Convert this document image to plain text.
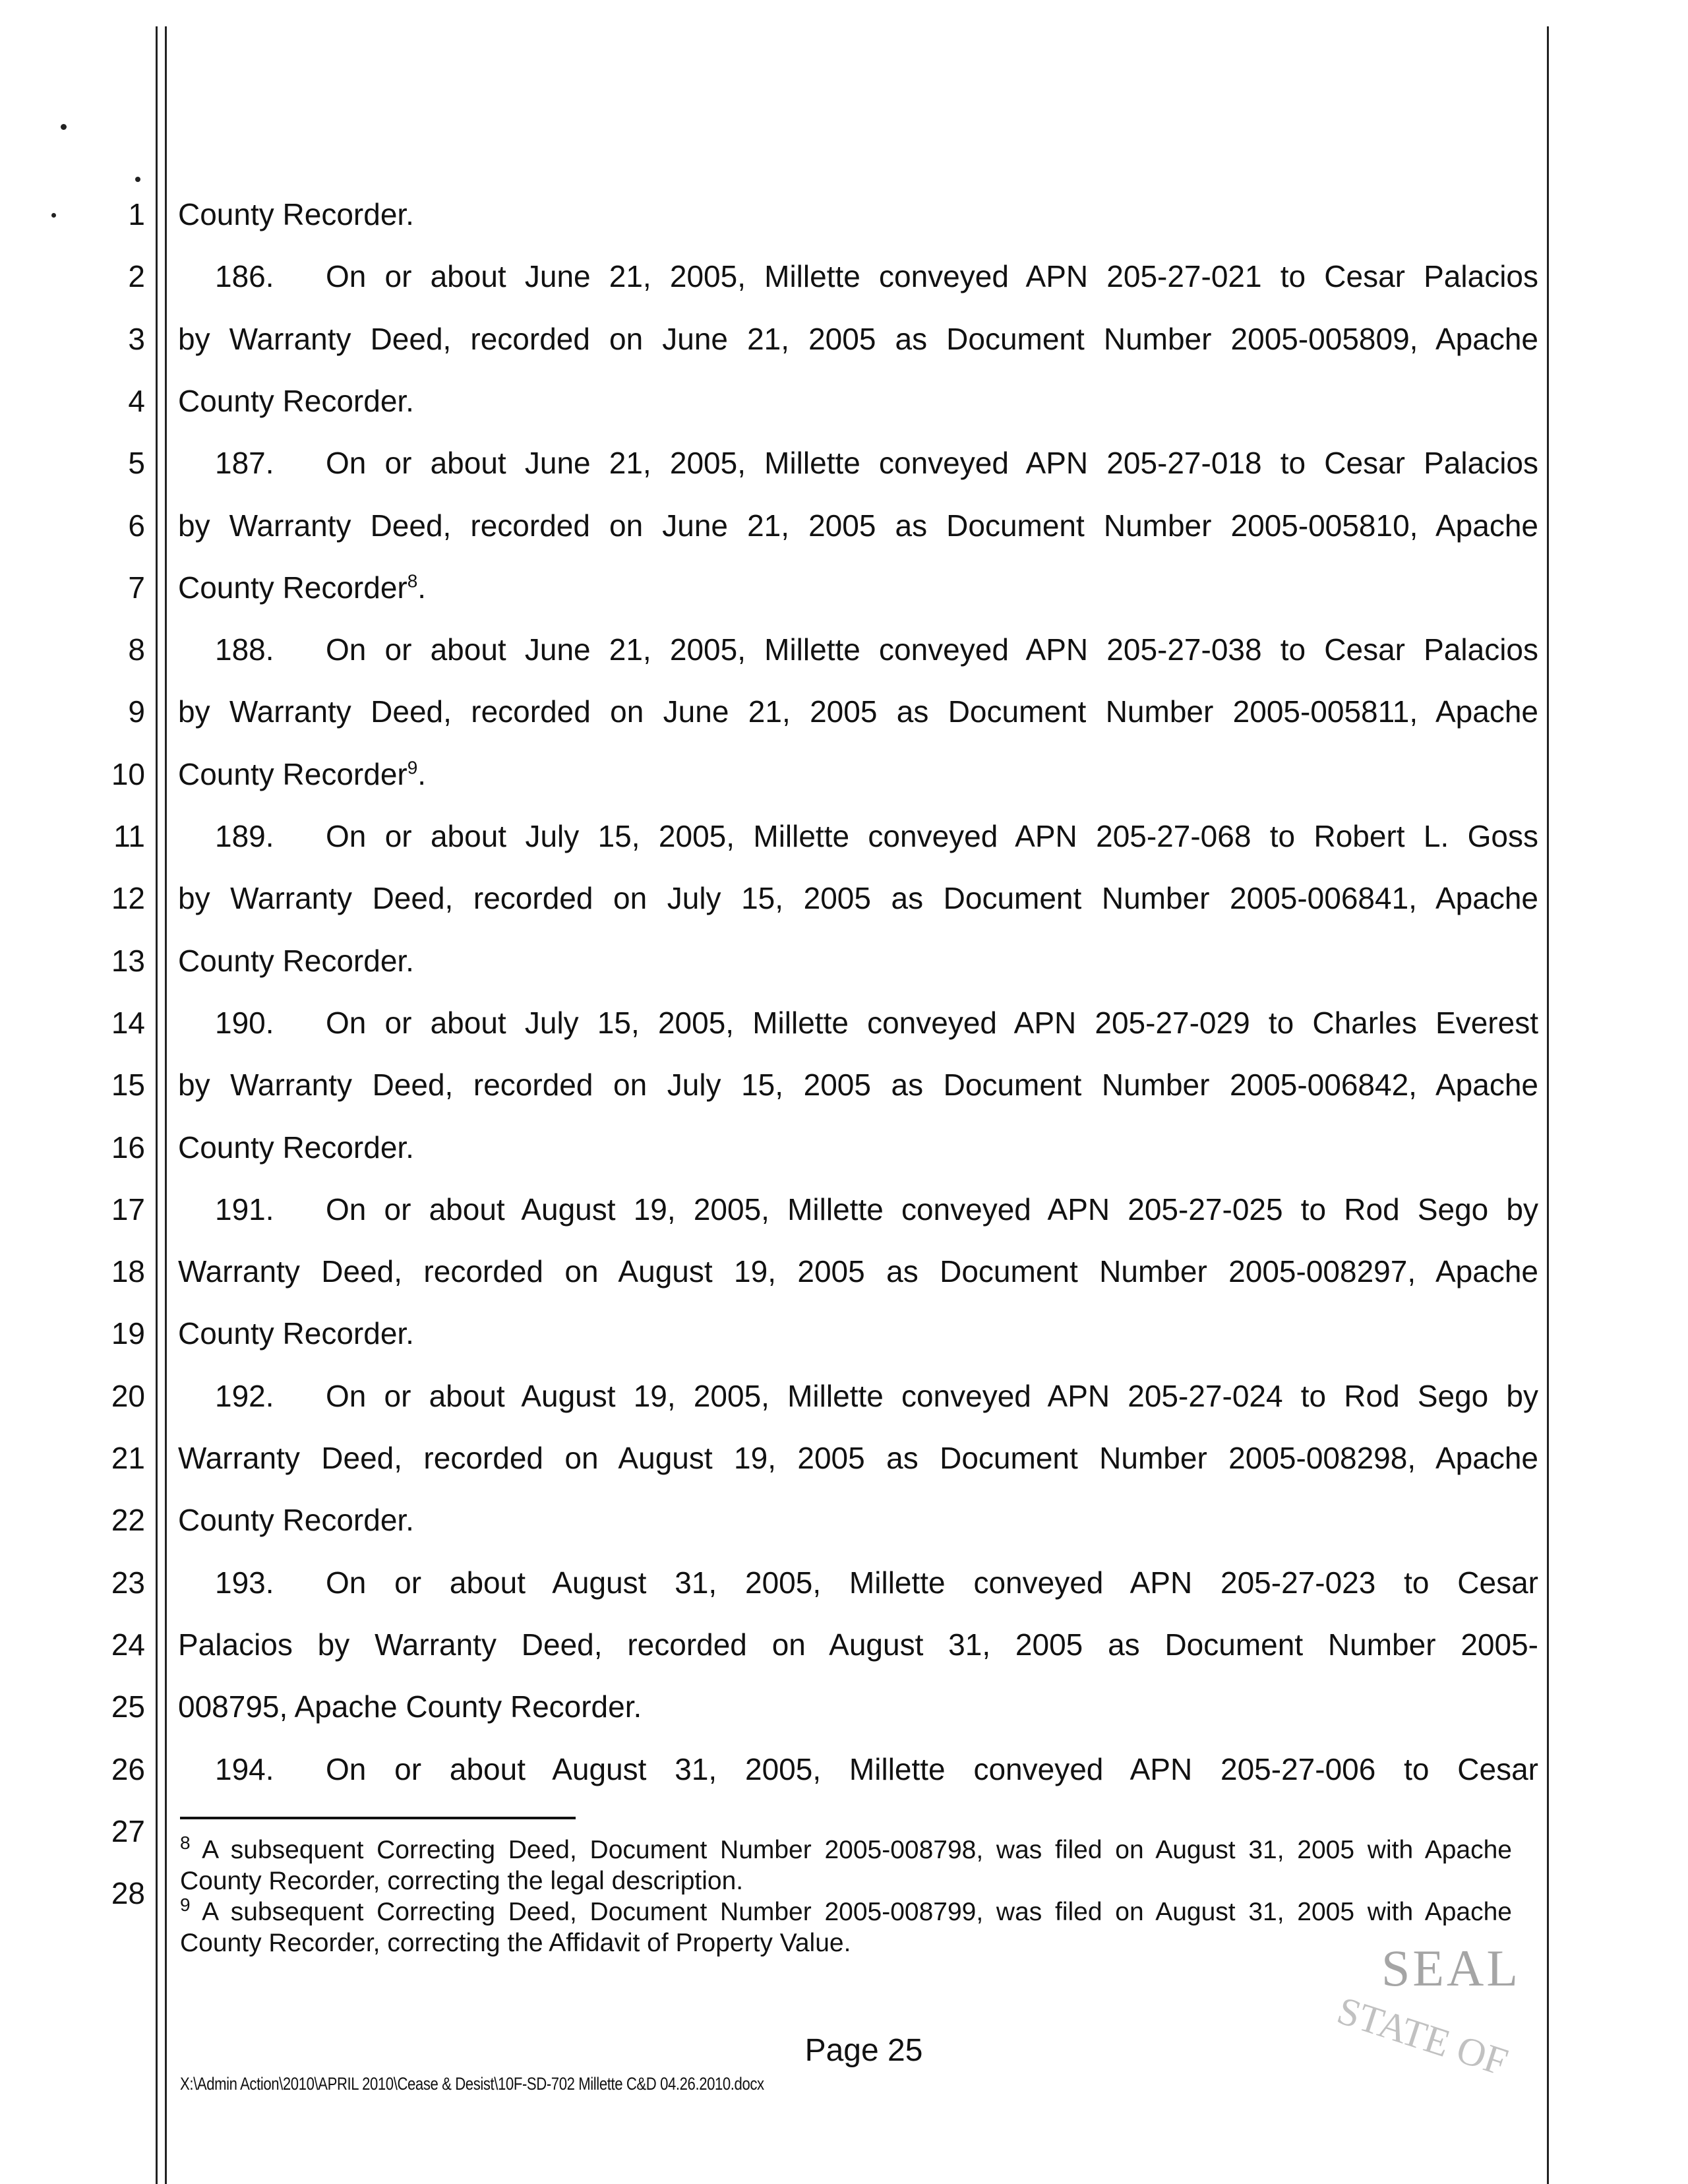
1 County Recorder.
2 186.	On or about June 21, 2005, Millette conveyed APN 205-27-021 to Cesar Palacios
3 by Warranty Deed, recorded on June 21, 2005 as Document Number 2005-005809, Apache
4 County Recorder.
5 187.	On or about June 21, 2005, Millette conveyed APN 205-27-018 to Cesar Palacios
6 by Warranty Deed, recorded on June 21, 2005 as Document Number 2005-005810, Apache
7 County Recorder$^8$.
8 188.	On or about June 21, 2005, Millette conveyed APN 205-27-038 to Cesar Palacios
9 by Warranty Deed, recorded on June 21, 2005 as Document Number 2005-005811, Apache
10 County Recorder$^9$.
11 189.	On or about July 15, 2005, Millette conveyed APN 205-27-068 to Robert L. Goss
12 by Warranty Deed, recorded on July 15, 2005 as Document Number 2005-006841, Apache
13 County Recorder.
14 190.	On or about July 15, 2005, Millette conveyed APN 205-27-029 to Charles Everest
15 by Warranty Deed, recorded on July 15, 2005 as Document Number 2005-006842, Apache
16 County Recorder.
17 191.	On or about August 19, 2005, Millette conveyed APN 205-27-025 to Rod Sego by
18 Warranty Deed, recorded on August 19, 2005 as Document Number 2005-008297, Apache
19 County Recorder.
20 192.	On or about August 19, 2005, Millette conveyed APN 205-27-024 to Rod Sego by
21 Warranty Deed, recorded on August 19, 2005 as Document Number 2005-008298, Apache
22 County Recorder.
23 193.	On or about August 31, 2005, Millette conveyed APN 205-27-023 to Cesar
24 Palacios by Warranty Deed, recorded on August 31, 2005 as Document Number 2005-
25 008795, Apache County Recorder.
26 194.	On or about August 31, 2005, Millette conveyed APN 205-27-006 to Cesar
27
28
$^8$ A subsequent Correcting Deed, Document Number 2005-008798, was filed on August 31, 2005 with Apache
County Recorder, correcting the legal description.
$^9$ A subsequent Correcting Deed, Document Number 2005-008799, was filed on August 31, 2005 with Apache
County Recorder, correcting the Affidavit of Property Value.
Page 25
X:\Admin Action\2010\APRIL 2010\Cease & Desist\10F-SD-702 Millette C&D 04.26.2010.docx
SEAL
STATE OF
